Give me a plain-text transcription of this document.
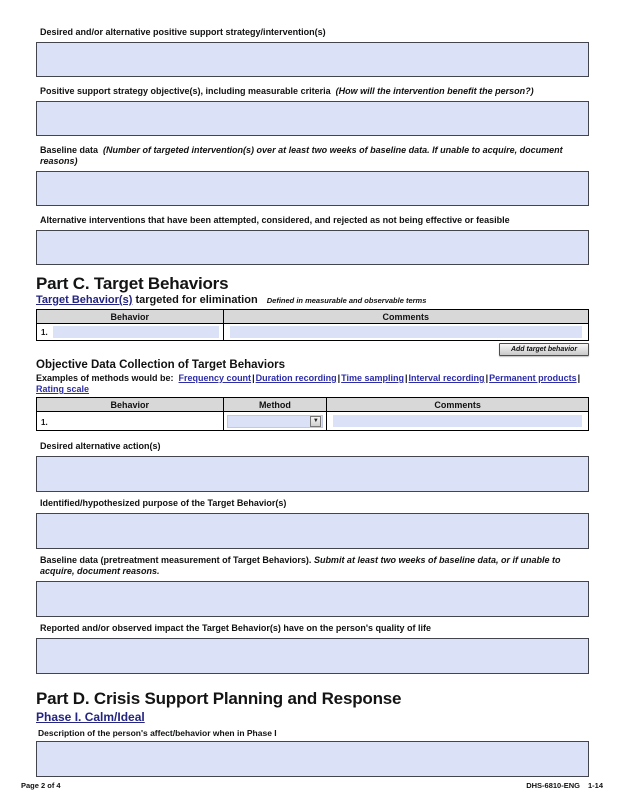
Desired and/or alternative positive support strategy/intervention(s)
Positive support strategy objective(s), including measurable criteria (How will the intervention benefit the person?)
Baseline data (Number of targeted intervention(s) over at least two weeks of baseline data. If unable to acquire, document reasons)
Alternative interventions that have been attempted, considered, and rejected as not being effective or feasible
Part C. Target Behaviors
Target Behavior(s) targeted for elimination Defined in measurable and observable terms
Behavior	Comments

1.	

Add target behavior
Objective Data Collection of Target Behaviors
Examples of methods would be: Frequency count | Duration recording | Time sampling | Interval recording | Permanent products | Rating scale
Behavior	Method	Comments
1.	▼	

Desired alternative action(s)
Identified/hypothesized purpose of the Target Behavior(s)
Baseline data (pretreatment measurement of Target Behaviors). Submit at least two weeks of baseline data, or if unable to acquire, document reasons.
Reported and/or observed impact the Target Behavior(s) have on the person's quality of life
Part D. Crisis Support Planning and Response
Phase I. Calm/Ideal
Description of the person's affect/behavior when in Phase I
Page 2 of 4	DHS-6810-ENG 1-14
